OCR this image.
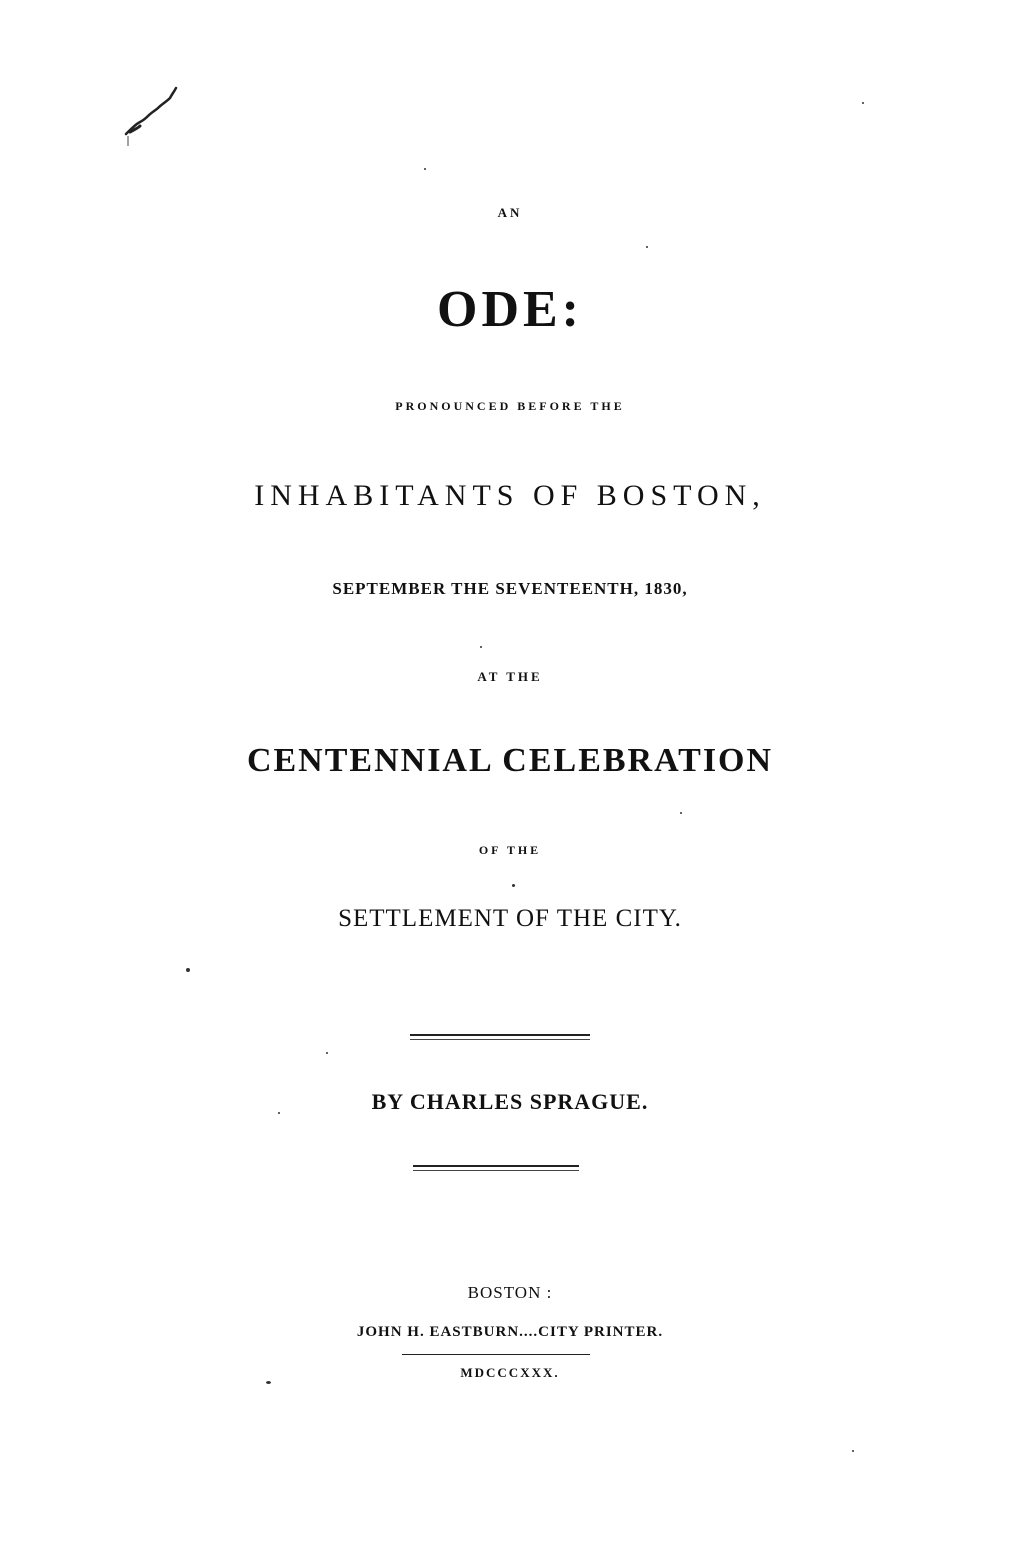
AN

ODE:

PRONOUNCED BEFORE THE

INHABITANTS OF BOSTON,

SEPTEMBER THE SEVENTEENTH, 1830,

AT THE

CENTENNIAL CELEBRATION

OF THE

SETTLEMENT OF THE CITY.

BY CHARLES SPRAGUE.

BOSTON :

JOHN H. EASTBURN....CITY PRINTER.

MDCCCXXX.
